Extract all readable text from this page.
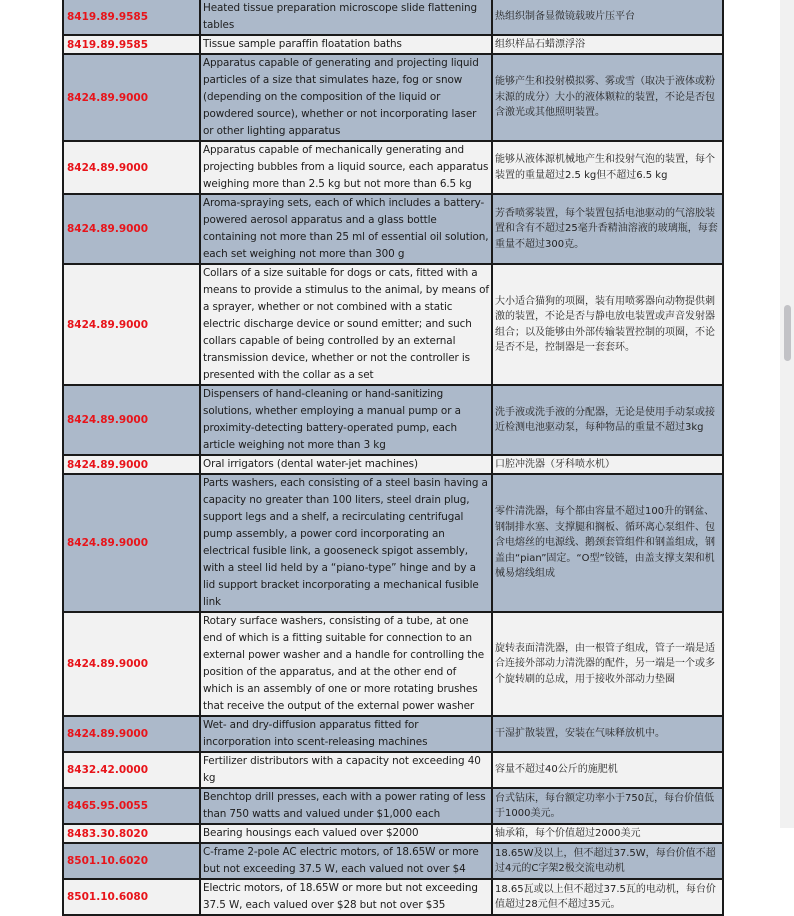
8419.89.9585	Heated tissue preparation microscope slide flattening tables	热组织制备显微镜载玻片压平台
8419.89.9585	Tissue sample paraffin floatation baths	组织样品石蜡漂浮浴
8424.89.9000	Apparatus capable of generating and projecting liquid particles of a size that simulates haze, fog or snow (depending on the composition of the liquid or powdered source), whether or not incorporating laser or other lighting apparatus	能够产生和投射模拟雾、雾或雪（取决于液体或粉末源的成分）大小的液体颗粒的装置，不论是否包含激光或其他照明装置。
8424.89.9000	Apparatus capable of mechanically generating and projecting bubbles from a liquid source, each apparatus weighing more than 2.5 kg but not more than 6.5 kg	能够从液体源机械地产生和投射气泡的装置，每个装置的重量超过2.5 kg但不超过6.5 kg
8424.89.9000	Aroma-spraying sets, each of which includes a battery-powered aerosol apparatus and a glass bottle containing not more than 25 ml of essential oil solution, each set weighing not more than 300 g	芳香喷雾装置，每个装置包括电池驱动的气溶胶装置和含有不超过25毫升香精油溶液的玻璃瓶，每套重量不超过300克。
8424.89.9000	Collars of a size suitable for dogs or cats, fitted with a means to provide a stimulus to the animal, by means of a sprayer, whether or not combined with a static electric discharge device or sound emitter; and such collars capable of being controlled by an external transmission device, whether or not the controller is presented with the collar as a set	大小适合猫狗的项圈，装有用喷雾器向动物提供刺激的装置，不论是否与静电放电装置或声音发射器组合；以及能够由外部传输装置控制的项圈，不论是否不是，控制器是一套套环。
8424.89.9000	Dispensers of hand-cleaning or hand-sanitizing solutions, whether employing a manual pump or a proximity-detecting battery-operated pump, each article weighing not more than 3 kg	洗手液或洗手液的分配器，无论是使用手动泵或接近检测电池驱动泵，每种物品的重量不超过3kg
8424.89.9000	Oral irrigators (dental water-jet machines)	口腔冲洗器（牙科喷水机）
8424.89.9000	Parts washers, each consisting of a steel basin having a capacity no greater than 100 liters, steel drain plug, support legs and a shelf, a recirculating centrifugal pump assembly, a power cord incorporating an electrical fusible link, a gooseneck spigot assembly, with a steel lid held by a “piano-type” hinge and by a lid support bracket incorporating a mechanical fusible link	零件清洗器，每个都由容量不超过100升的钢盆、钢制排水塞、支撑腿和搁板、循环离心泵组件、包含电熔丝的电源线、鹅颈套管组件和钢盖组成，钢盖由“pian”固定。“O型”铰链，由盖支撑支架和机械易熔线组成
8424.89.9000	Rotary surface washers, consisting of a tube, at one end of which is a fitting suitable for connection to an external power washer and a handle for controlling the position of the apparatus, and at the other end of which is an assembly of one or more rotating brushes that receive the output of the external power washer	旋转表面清洗器，由一根管子组成，管子一端是适合连接外部动力清洗器的配件，另一端是一个或多个旋转刷的总成，用于接收外部动力垫圈
8424.89.9000	Wet- and dry-diffusion apparatus fitted for incorporation into scent-releasing machines	干湿扩散装置，安装在气味释放机中。
8432.42.0000	Fertilizer distributors with a capacity not exceeding 40 kg	容量不超过40公斤的施肥机
8465.95.0055	Benchtop drill presses, each with a power rating of less than 750 watts and valued under $1,000 each	台式钻床，每台额定功率小于750瓦，每台价值低于1000美元。
8483.30.8020	Bearing housings each valued over $2000	轴承箱，每个价值超过2000美元
8501.10.6020	C-frame 2-pole AC electric motors, of 18.65W or more but not exceeding 37.5 W, each valued not over $4	18.65W及以上，但不超过37.5W，每台价值不超过4元的C字架2极交流电动机
8501.10.6080	Electric motors, of 18.65W or more but not exceeding 37.5 W, each valued over $28 but not over $35	18.65瓦或以上但不超过37.5瓦的电动机，每台价值超过28元但不超过35元。
